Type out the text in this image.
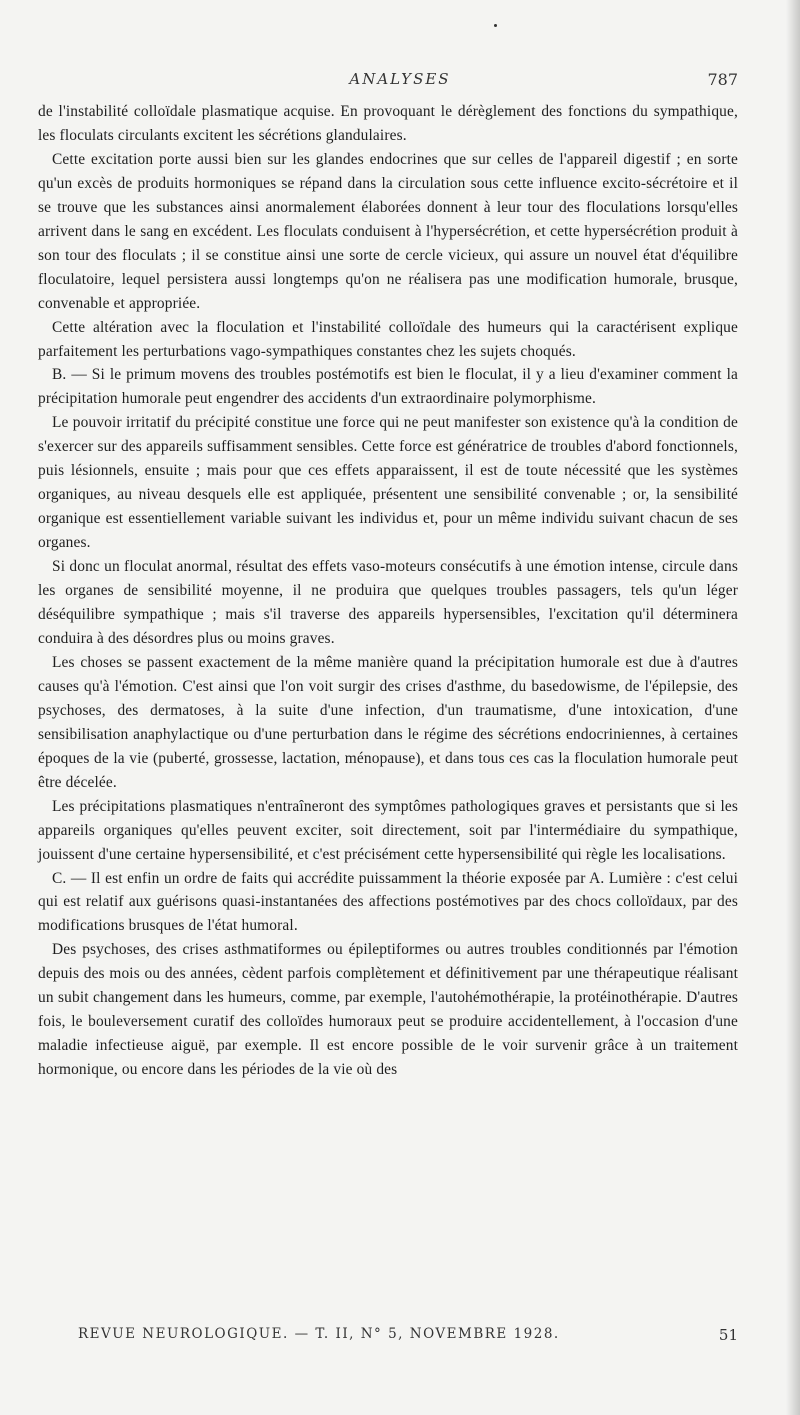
ANALYSES	787

de l'instabilité colloïdale plasmatique acquise. En provoquant le dérèglement des fonctions du sympathique, les floculats circulants excitent les sécrétions glandulaires.

Cette excitation porte aussi bien sur les glandes endocrines que sur celles de l'appareil digestif ; en sorte qu'un excès de produits hormoniques se répand dans la circulation sous cette influence excito-sécrétoire et il se trouve que les substances ainsi anormalement élaborées donnent à leur tour des floculations lorsqu'elles arrivent dans le sang en excédent. Les floculats conduisent à l'hypersécrétion, et cette hypersécrétion produit à son tour des floculats ; il se constitue ainsi une sorte de cercle vicieux, qui assure un nouvel état d'équilibre floculatoire, lequel persistera aussi longtemps qu'on ne réalisera pas une modification humorale, brusque, convenable et appropriée.

Cette altération avec la floculation et l'instabilité colloïdale des humeurs qui la caractérisent explique parfaitement les perturbations vago-sympathiques constantes chez les sujets choqués.

B. — Si le primum movens des troubles postémotifs est bien le floculat, il y a lieu d'examiner comment la précipitation humorale peut engendrer des accidents d'un extraordinaire polymorphisme.

Le pouvoir irritatif du précipité constitue une force qui ne peut manifester son existence qu'à la condition de s'exercer sur des appareils suffisamment sensibles. Cette force est génératrice de troubles d'abord fonctionnels, puis lésionnels, ensuite ; mais pour que ces effets apparaissent, il est de toute nécessité que les systèmes organiques, au niveau desquels elle est appliquée, présentent une sensibilité convenable ; or, la sensibilité organique est essentiellement variable suivant les individus et, pour un même individu suivant chacun de ses organes.

Si donc un floculat anormal, résultat des effets vaso-moteurs consécutifs à une émotion intense, circule dans les organes de sensibilité moyenne, il ne produira que quelques troubles passagers, tels qu'un léger déséquilibre sympathique ; mais s'il traverse des appareils hypersensibles, l'excitation qu'il déterminera conduira à des désordres plus ou moins graves.

Les choses se passent exactement de la même manière quand la précipitation humorale est due à d'autres causes qu'à l'émotion. C'est ainsi que l'on voit surgir des crises d'asthme, du basedowisme, de l'épilepsie, des psychoses, des dermatoses, à la suite d'une infection, d'un traumatisme, d'une intoxication, d'une sensibilisation anaphylactique ou d'une perturbation dans le régime des sécrétions endocriniennes, à certaines époques de la vie (puberté, grossesse, lactation, ménopause), et dans tous ces cas la floculation humorale peut être décelée.

Les précipitations plasmatiques n'entraîneront des symptômes pathologiques graves et persistants que si les appareils organiques qu'elles peuvent exciter, soit directement, soit par l'intermédiaire du sympathique, jouissent d'une certaine hypersensibilité, et c'est précisément cette hypersensibilité qui règle les localisations.

C. — Il est enfin un ordre de faits qui accrédite puissamment la théorie exposée par A. Lumière : c'est celui qui est relatif aux guérisons quasi-instantanées des affections postémotives par des chocs colloïdaux, par des modifications brusques de l'état humoral.

Des psychoses, des crises asthmatiformes ou épileptiformes ou autres troubles conditionnés par l'émotion depuis des mois ou des années, cèdent parfois complètement et définitivement par une thérapeutique réalisant un subit changement dans les humeurs, comme, par exemple, l'autohémothérapie, la protéinothérapie. D'autres fois, le bouleversement curatif des colloïdes humoraux peut se produire accidentellement, à l'occasion d'une maladie infectieuse aiguë, par exemple. Il est encore possible de le voir survenir grâce à un traitement hormonique, ou encore dans les périodes de la vie où des

REVUE NEUROLOGIQUE. — T. II, N° 5, NOVEMBRE 1928.	51
